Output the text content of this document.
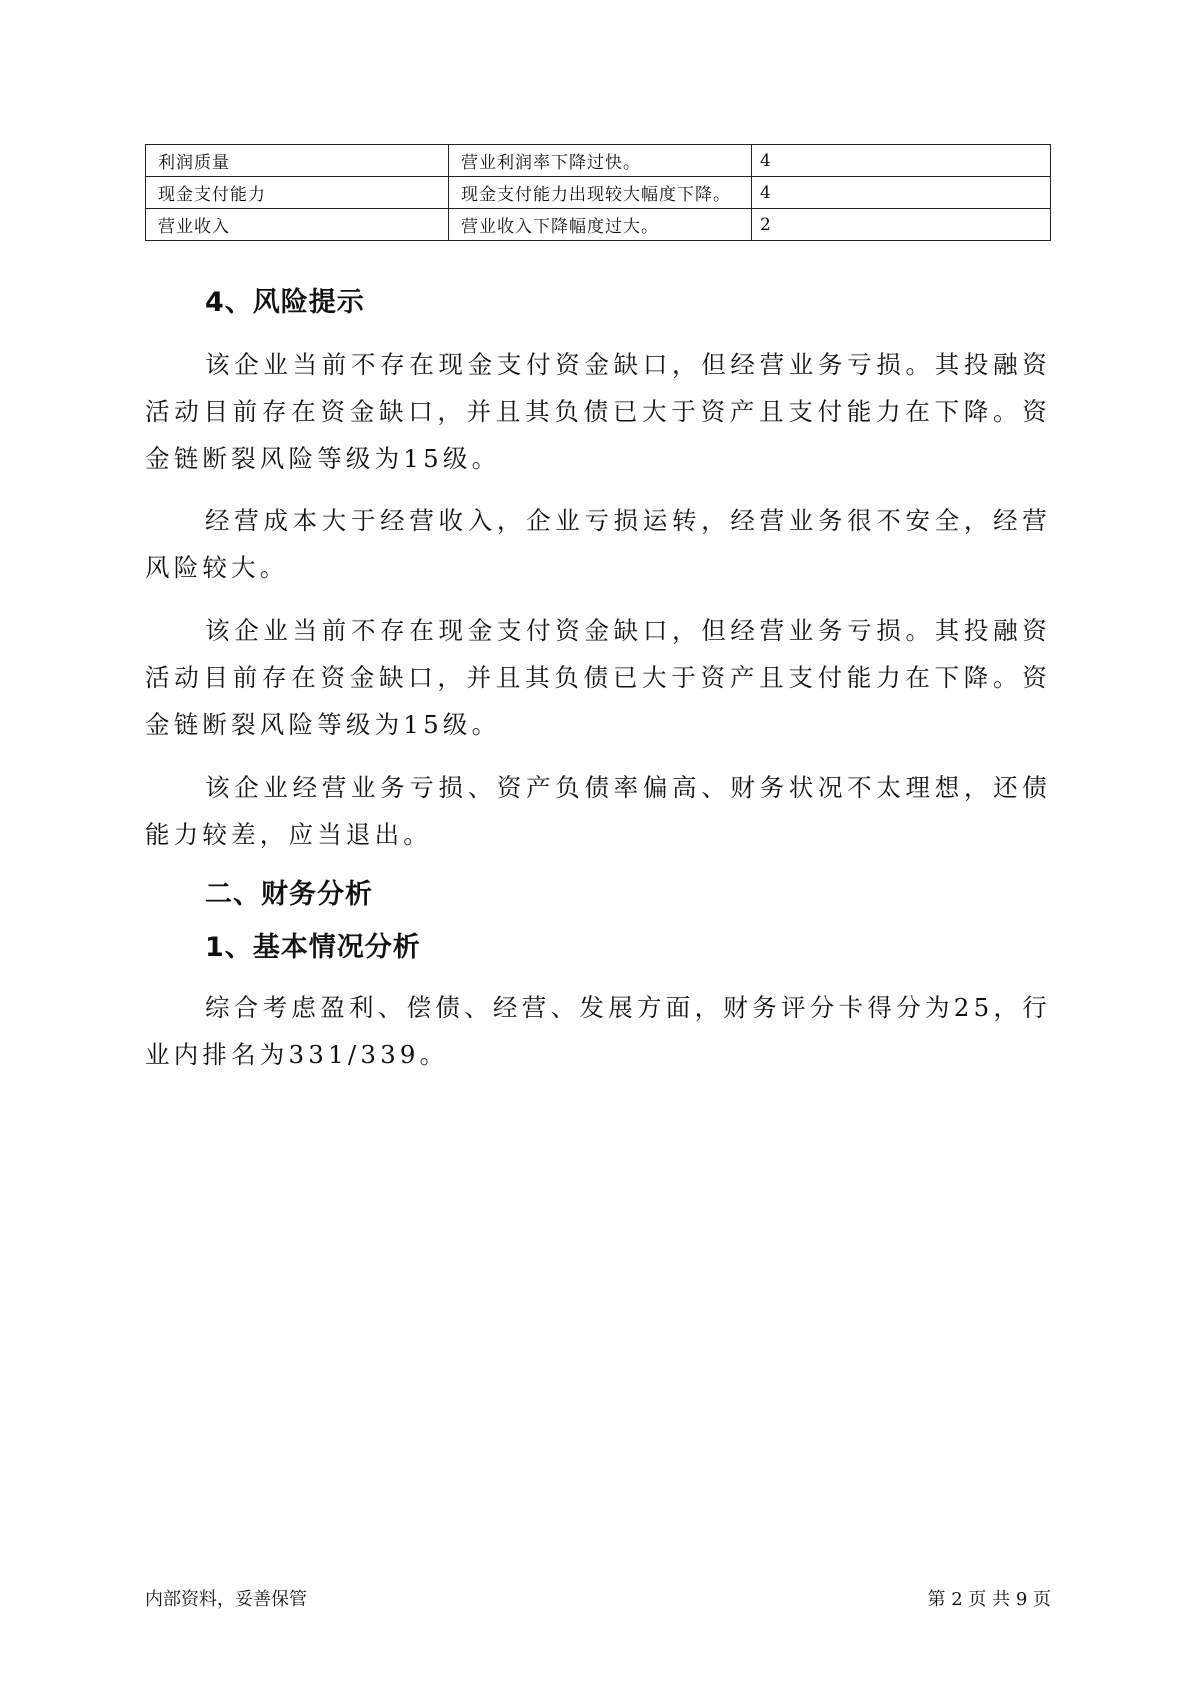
利润质量	营业利润率下降过快。	4
现金支付能力	现金支付能力出现较大幅度下降。	4
营业收入	营业收入下降幅度过大。	2
4、风险提示

该企业当前不存在现金支付资金缺口，但经营业务亏损。其投融资活动目前存在资金缺口，并且其负债已大于资产且支付能力在下降。资金链断裂风险等级为15级。

经营成本大于经营收入，企业亏损运转，经营业务很不安全，经营风险较大。

该企业当前不存在现金支付资金缺口，但经营业务亏损。其投融资活动目前存在资金缺口，并且其负债已大于资产且支付能力在下降。资金链断裂风险等级为15级。

该企业经营业务亏损、资产负债率偏高、财务状况不太理想，还债能力较差，应当退出。

二、财务分析
1、基本情况分析

综合考虑盈利、偿债、经营、发展方面，财务评分卡得分为25，行业内排名为331/339。

内部资料，妥善保管	第 2 页 共 9 页
